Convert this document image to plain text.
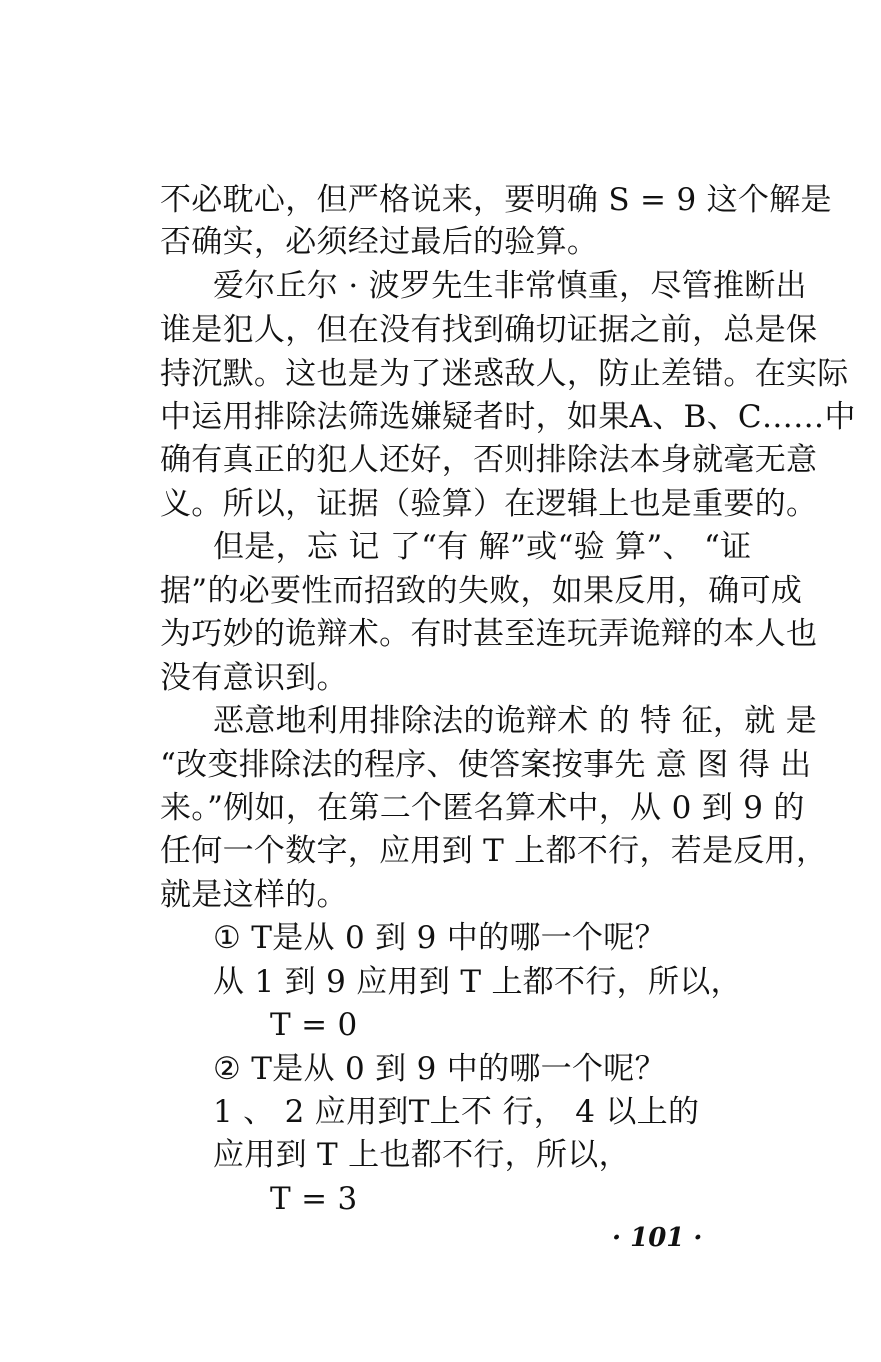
不必耽心，但严格说来，要明确 S = 9 这个解是
否确实，必须经过最后的验算。
爱尔丘尔 · 波罗先生非常慎重，尽管推断出
谁是犯人，但在没有找到确切证据之前，总是保
持沉默。这也是为了迷惑敌人，防止差错。在实际
中运用排除法筛选嫌疑者时，如果A、B、C……中
确有真正的犯人还好，否则排除法本身就毫无意
义。所以，证据（验算）在逻辑上也是重要的。
但是，忘 记 了“有 解”或“验 算”、 “证
据”的必要性而招致的失败，如果反用，确可成
为巧妙的诡辩术。有时甚至连玩弄诡辩的本人也
没有意识到。
恶意地利用排除法的诡辩术 的 特 征，就 是
“改变排除法的程序、使答案按事先 意 图 得 出
来。”例如，在第二个匿名算术中，从 0 到 9 的
任何一个数字，应用到 T 上都不行，若是反用，
就是这样的。
① T是从 0 到 9 中的哪一个呢？
从 1 到 9 应用到 T 上都不行，所以，
T = 0
② T是从 0 到 9 中的哪一个呢？
1 、 2 应用到T上不 行， 4 以上的
应用到 T 上也都不行，所以，
T = 3
· 101 ·
